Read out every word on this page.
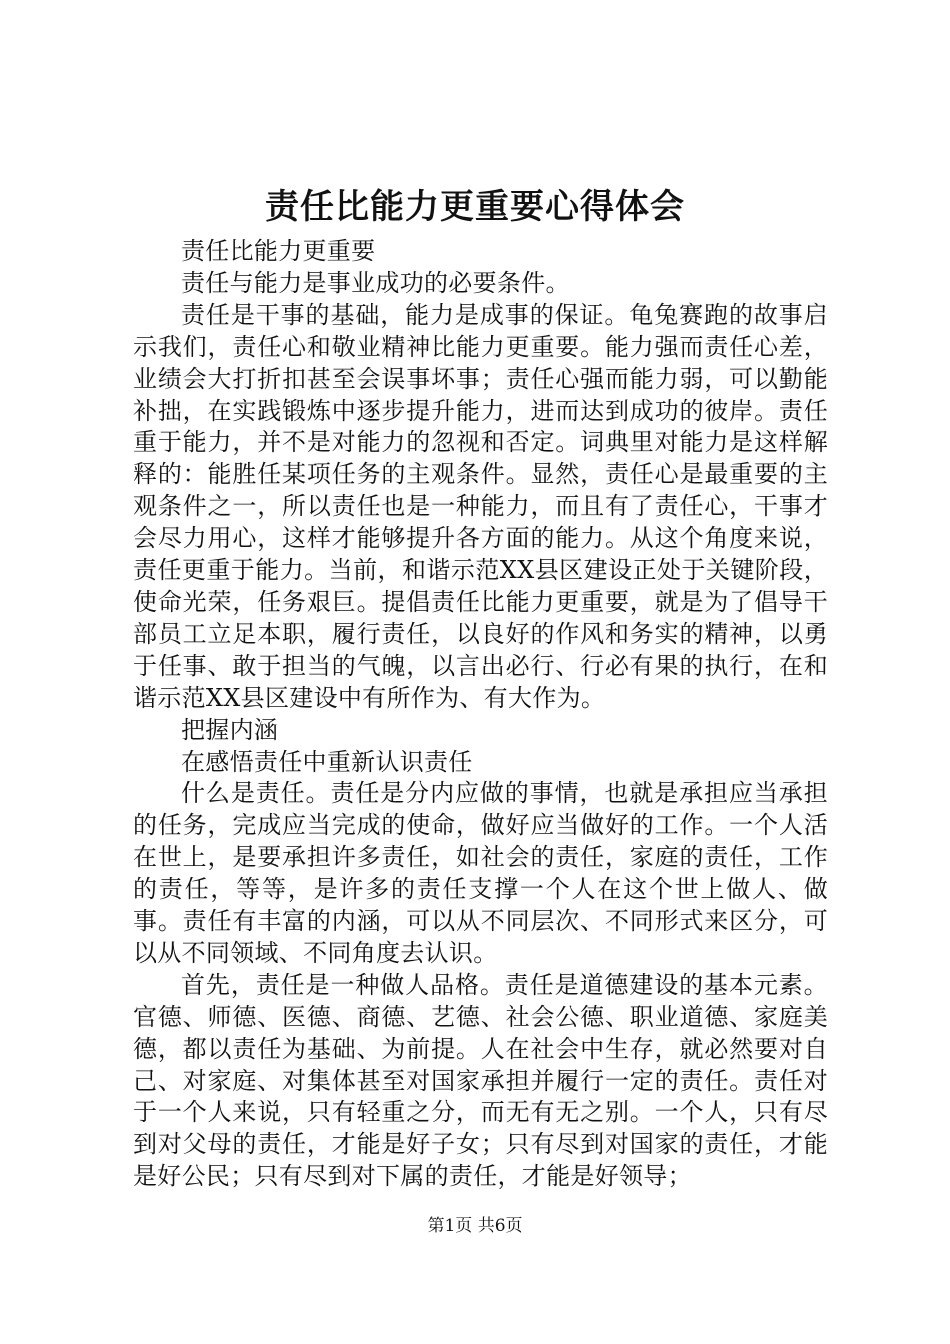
责任比能力更重要心得体会

责任比能力更重要

责任与能力是事业成功的必要条件。

责任是干事的基础，能力是成事的保证。龟兔赛跑的故事启示我们，责任心和敬业精神比能力更重要。能力强而责任心差，业绩会大打折扣甚至会误事坏事；责任心强而能力弱，可以勤能补拙，在实践锻炼中逐步提升能力，进而达到成功的彼岸。责任重于能力，并不是对能力的忽视和否定。词典里对能力是这样解释的：能胜任某项任务的主观条件。显然，责任心是最重要的主观条件之一，所以责任也是一种能力，而且有了责任心，干事才会尽力用心，这样才能够提升各方面的能力。从这个角度来说，责任更重于能力。当前，和谐示范XX县区建设正处于关键阶段，使命光荣，任务艰巨。提倡责任比能力更重要，就是为了倡导干部员工立足本职，履行责任，以良好的作风和务实的精神，以勇于任事、敢于担当的气魄，以言出必行、行必有果的执行，在和谐示范XX县区建设中有所作为、有大作为。

把握内涵

在感悟责任中重新认识责任

什么是责任。责任是分内应做的事情，也就是承担应当承担的任务，完成应当完成的使命，做好应当做好的工作。一个人活在世上，是要承担许多责任，如社会的责任，家庭的责任，工作的责任，等等，是许多的责任支撑一个人在这个世上做人、做事。责任有丰富的内涵，可以从不同层次、不同形式来区分，可以从不同领域、不同角度去认识。

首先，责任是一种做人品格。责任是道德建设的基本元素。官德、师德、医德、商德、艺德、社会公德、职业道德、家庭美德，都以责任为基础、为前提。人在社会中生存，就必然要对自己、对家庭、对集体甚至对国家承担并履行一定的责任。责任对于一个人来说，只有轻重之分，而无有无之别。一个人，只有尽到对父母的责任，才能是好子女；只有尽到对国家的责任，才能是好公民；只有尽到对下属的责任，才能是好领导；

第1页 共6页
